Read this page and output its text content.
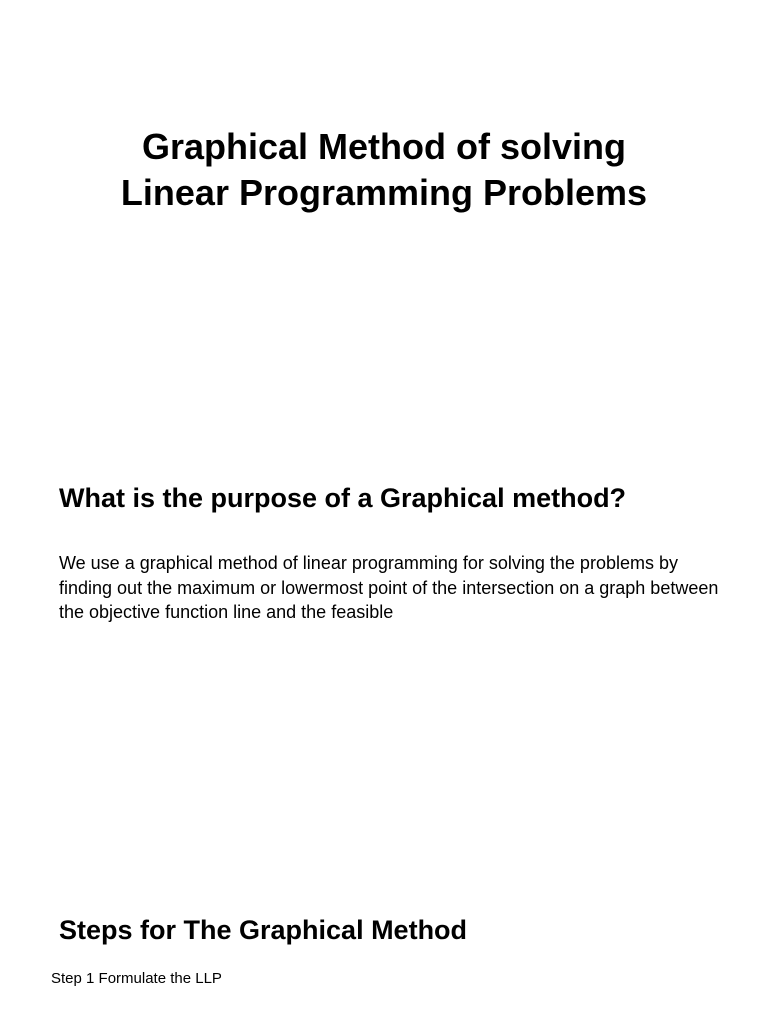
Graphical Method of solving
Linear Programming Problems
What is the purpose of a Graphical method?

We use a graphical method of linear programming for solving the problems by finding out the maximum or lowermost point of the intersection on a graph between the objective function line and the feasible

Steps for The Graphical Method

Step 1 Formulate the LLP
